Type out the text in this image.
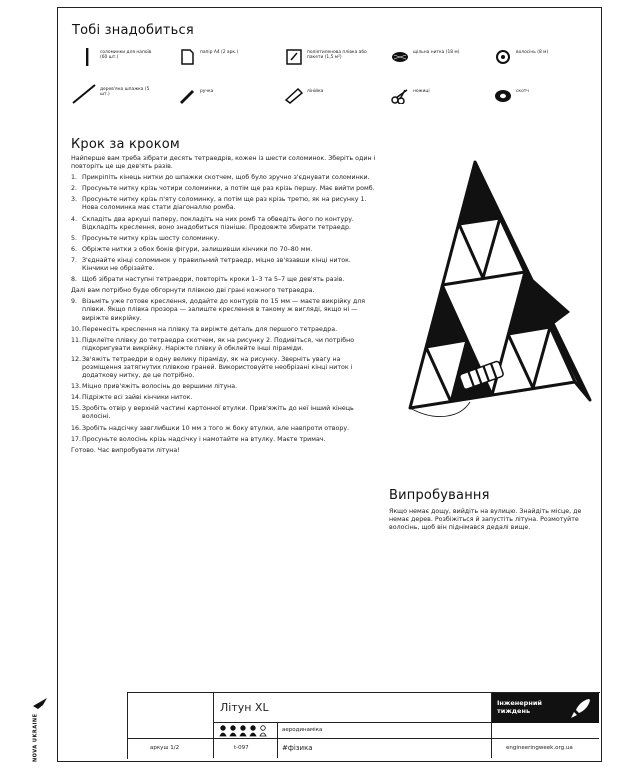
Тобі знадобиться
соломинки для напоїв (60 шт.)
папір А4 (2 арк.)	поліетиленова плівка або пакети (1,5 м²)
щільна нитка (18 м)	волосінь (8 м)
дерев'яна шпажка (5 шт.)
ручка	лінійка	ножиці	скотч
Крок за кроком

Найперше вам треба зібрати десять тетраедрів, кожен із шести соломинок. Зберіть один і повторіть це ще дев'ять разів.

1. Прикріпіть кінець нитки до шпажки скотчем, щоб було зручно з'єднувати соломинки.
2. Просуньте нитку крізь чотири соломинки, а потім ще раз крізь першу. Має вийти ромб.
3. Просуньте нитку крізь п'яту соломинку, а потім ще раз крізь третю, як на рисунку 1. Нова соломинка має стати діагоналлю ромба.
4. Складіть два аркуші паперу, покладіть на них ромб та обведіть його по контуру. Відкладіть креслення, воно знадобиться пізніше. Продовжте збирати тетраедр.
5. Просуньте нитку крізь шосту соломинку.
6. Обріжте нитки з обох боків фігури, залишивши кінчики по 70–80 мм.
7. З'єднайте кінці соломинок у правильний тетраедр, міцно зв'язавши кінці ниток. Кінчики не обрізайте.
8. Щоб зібрати наступні тетраедри, повторіть кроки 1–3 та 5–7 ще дев'ять разів.

Далі вам потрібно буде обгорнути плівкою дві грані кожного тетраедра.

9. Візьміть уже готове креслення, додайте до контурів по 15 мм — маєте викрійку для плівки. Якщо плівка прозора — залиште креслення в такому ж вигляді, якщо ні — виріжте викрійку.
10. Перенесіть креслення на плівку та виріжте деталь для першого тетраедра.
11. Підклеїте плівку до тетраедра скотчем, як на рисунку 2. Подивіться, чи потрібно підкоригувати викрійку. Наріжте плівку й обклейте інші піраміди.
12. Зв'яжіть тетраедри в одну велику піраміду, як на рисунку. Зверніть увагу на розміщення затягнутих плівкою граней. Використовуйте необрізані кінці ниток і додаткову нитку, де це потрібно.
13. Міцно прив'яжіть волосінь до вершини літуна.
14. Підріжте всі зайві кінчики ниток.
15. Зробіть отвір у верхній частині картонної втулки. Прив'яжіть до неї інший кінець волосіні.
16. Зробіть надсічку завглибшки 10 мм з того ж боку втулки, але навпроти отвору.
17. Просуньте волосінь крізь надсічку і намотайте на втулку. Маєте тримач.

Готово. Час випробувати літуна!

Випробування
Якщо немає дощу, вийдіть на вулицю. Знайдіть місце, де немає дерев. Розбіжіться й запустіть літуна. Розмотуйте волосінь, щоб він піднімався дедалі вище.
NOVA UKRAINE
Літун XL
аеродинаміка
Інженерний тиждень
аркуш 1/2	t-097	#фізика	engineeringweek.org.ua
